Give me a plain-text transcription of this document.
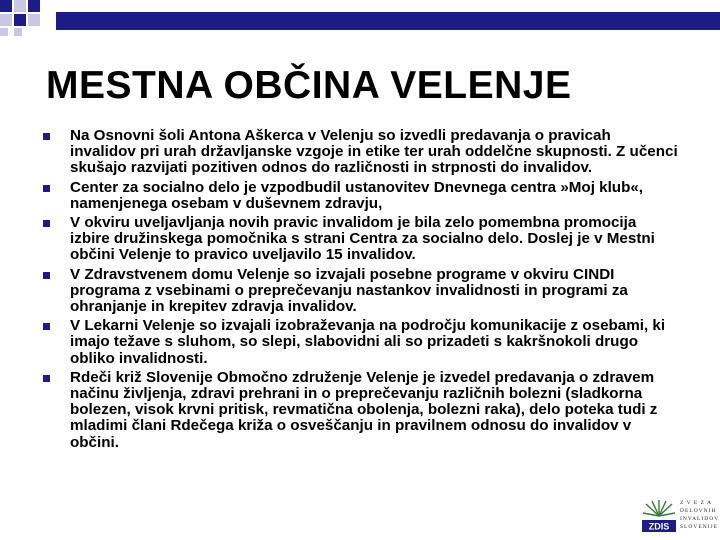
MESTNA OBČINA VELENJE
Na Osnovni šoli Antona Aškerca v Velenju so izvedli predavanja o pravicah invalidov pri urah državljanske vzgoje in etike ter urah oddelčne skupnosti. Z učenci skušajo razvijati pozitiven odnos do različnosti in strpnosti do invalidov.
Center za socialno delo je vzpodbudil ustanovitev Dnevnega centra »Moj klub«, namenjenega osebam v duševnem zdravju,
V okviru uveljavljanja novih pravic invalidom je bila zelo pomembna promocija izbire družinskega pomočnika s strani Centra za socialno delo. Doslej je v Mestni občini Velenje to pravico uveljavilo 15 invalidov.
V Zdravstvenem domu Velenje so izvajali posebne programe v okviru CINDI programa z vsebinami o preprečevanju nastankov invalidnosti in programi za ohranjanje in krepitev zdravja invalidov.
V Lekarni Velenje so izvajali izobraževanja na področju komunikacije z osebami, ki imajo težave s sluhom, so slepi, slabovidni ali so prizadeti s kakršnokoli drugo obliko invalidnosti.
Rdeči križ Slovenije Območno združenje Velenje je izvedel predavanja o zdravem načinu življenja, zdravi prehrani in o preprečevanju različnih bolezni (sladkorna bolezen, visok krvni pritisk, revmatična obolenja, bolezni raka), delo poteka tudi z mladimi člani Rdečega križa o osveščanju in pravilnem odnosu do invalidov v občini.
ZDIS
Z V E Z A
DELOVNIH
INVALIDOV
SLOVENIJE
